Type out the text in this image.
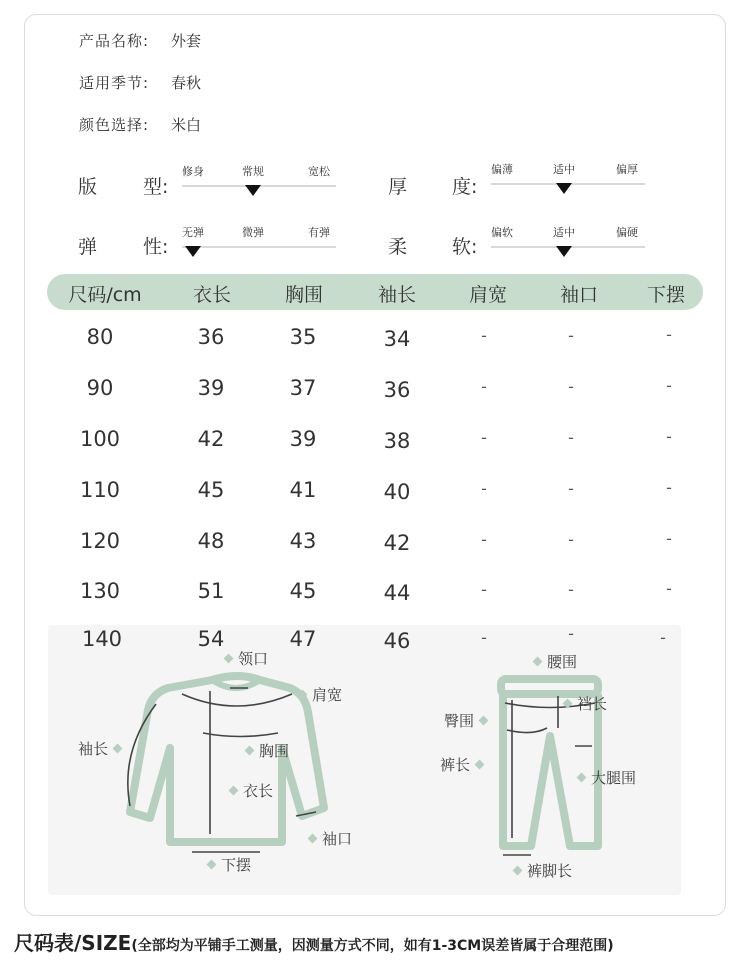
产品名称: 外套
适用季节: 春秋
颜色选择: 米白
版 型:	厚 度:
弹 性:	柔 软:
修身	常规	宽松	偏薄	适中	偏厚
无弹	微弹	有弹	偏软	适中	偏硬
尺码/cm	衣长	胸围	袖长	肩宽	袖口	下摆
80	36	35	34	-	-	-
90	39	37	36	-	-	-
100	42	39	38	-	-	-
110	45	41	40	-	-	-
120	48	43	42	-	-	-
130	51	45	44	-	-	-
140	54	47	46	-	-	-
领口
肩宽
袖长	胸围
衣长
袖口
下摆
腰围
臀围
裆长
裤长
大腿围
裤脚长
尺码表/SIZE(全部均为平铺手工测量，因测量方式不同，如有1-3CM误差皆属于合理范围)
